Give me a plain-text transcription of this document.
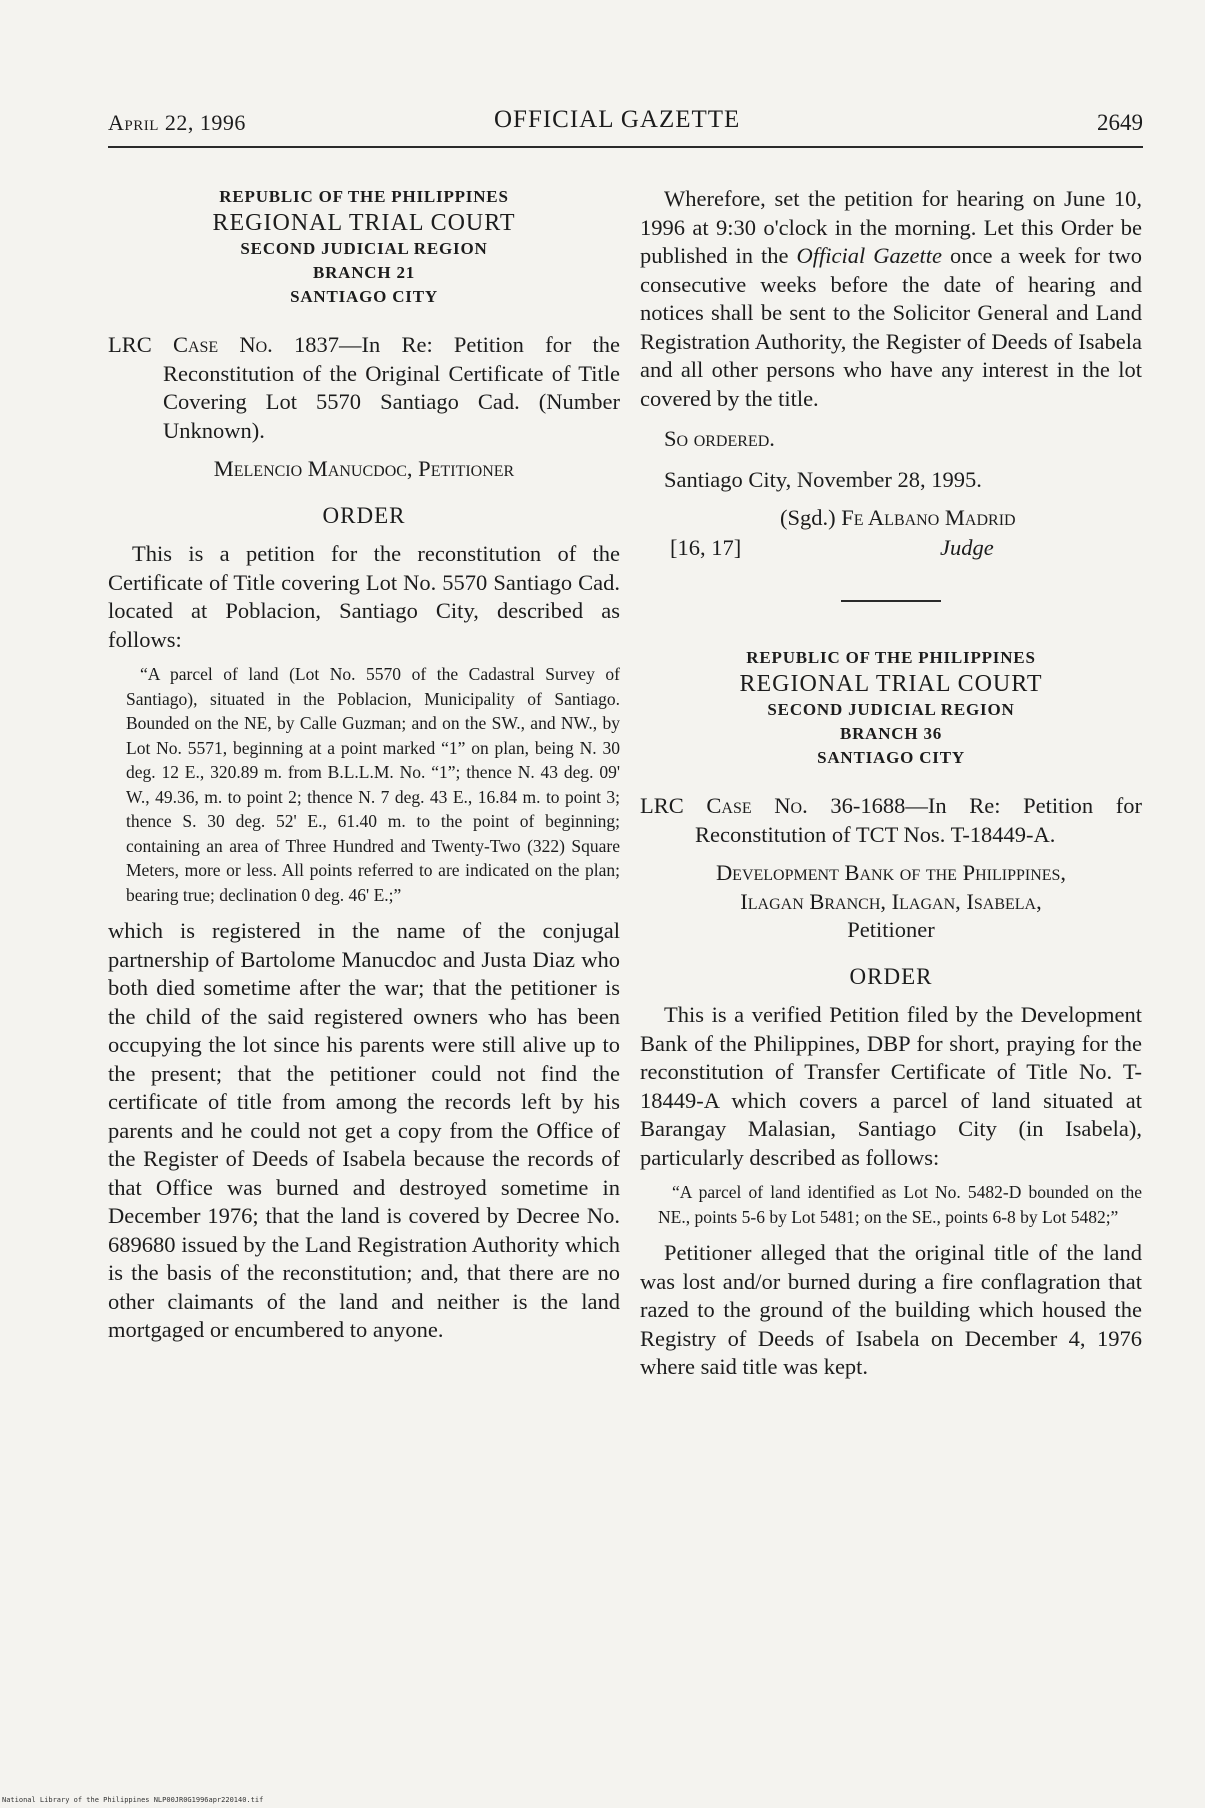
April 22, 1996	OFFICIAL GAZETTE	2649
REPUBLIC OF THE PHILIPPINES
REGIONAL TRIAL COURT
SECOND JUDICIAL REGION
BRANCH 21
SANTIAGO CITY
LRC Case No. 1837—In Re: Petition for the Reconstitution of the Original Certificate of Title Covering Lot 5570 Santiago Cad. (Number Unknown).
Melencio Manucdoc, Petitioner
ORDER

This is a petition for the reconstitution of the Certificate of Title covering Lot No. 5570 Santiago Cad. located at Poblacion, Santiago City, described as follows:

“A parcel of land (Lot No. 5570 of the Cadastral Survey of Santiago), situated in the Poblacion, Municipality of Santiago. Bounded on the NE, by Calle Guzman; and on the SW., and NW., by Lot No. 5571, beginning at a point marked “1” on plan, being N. 30 deg. 12 E., 320.89 m. from B.L.L.M. No. “1”; thence N. 43 deg. 09' W., 49.36, m. to point 2; thence N. 7 deg. 43 E., 16.84 m. to point 3; thence S. 30 deg. 52' E., 61.40 m. to the point of beginning; containing an area of Three Hundred and Twenty-Two (322) Square Meters, more or less. All points referred to are indicated on the plan; bearing true; declination 0 deg. 46' E.;”

which is registered in the name of the conjugal partnership of Bartolome Manucdoc and Justa Diaz who both died sometime after the war; that the petitioner is the child of the said registered owners who has been occupying the lot since his parents were still alive up to the present; that the petitioner could not find the certificate of title from among the records left by his parents and he could not get a copy from the Office of the Register of Deeds of Isabela because the records of that Office was burned and destroyed sometime in December 1976; that the land is covered by Decree No. 689680 issued by the Land Registration Authority which is the basis of the reconstitution; and, that there are no other claimants of the land and neither is the land mortgaged or encumbered to anyone.

Wherefore, set the petition for hearing on June 10, 1996 at 9:30 o'clock in the morning. Let this Order be published in the Official Gazette once a week for two consecutive weeks before the date of hearing and notices shall be sent to the Solicitor General and Land Registration Authority, the Register of Deeds of Isabela and all other persons who have any interest in the lot covered by the title.

So ordered.

Santiago City, November 28, 1995.

(Sgd.) Fe Albano Madrid
[16, 17]	Judge
REPUBLIC OF THE PHILIPPINES
REGIONAL TRIAL COURT
SECOND JUDICIAL REGION
BRANCH 36
SANTIAGO CITY
LRC Case No. 36-1688—In Re: Petition for Reconstitution of TCT Nos. T-18449-A.
Development Bank of the Philippines,
Ilagan Branch, Ilagan, Isabela,
Petitioner
ORDER

This is a verified Petition filed by the Development Bank of the Philippines, DBP for short, praying for the reconstitution of Transfer Certificate of Title No. T-18449-A which covers a parcel of land situated at Barangay Malasian, Santiago City (in Isabela), particularly described as follows:

“A parcel of land identified as Lot No. 5482-D bounded on the NE., points 5-6 by Lot 5481; on the SE., points 6-8 by Lot 5482;”

Petitioner alleged that the original title of the land was lost and/or burned during a fire conflagration that razed to the ground of the building which housed the Registry of Deeds of Isabela on December 4, 1976 where said title was kept.

National Library of the Philippines NLP00JR0G1996apr220140.tif
